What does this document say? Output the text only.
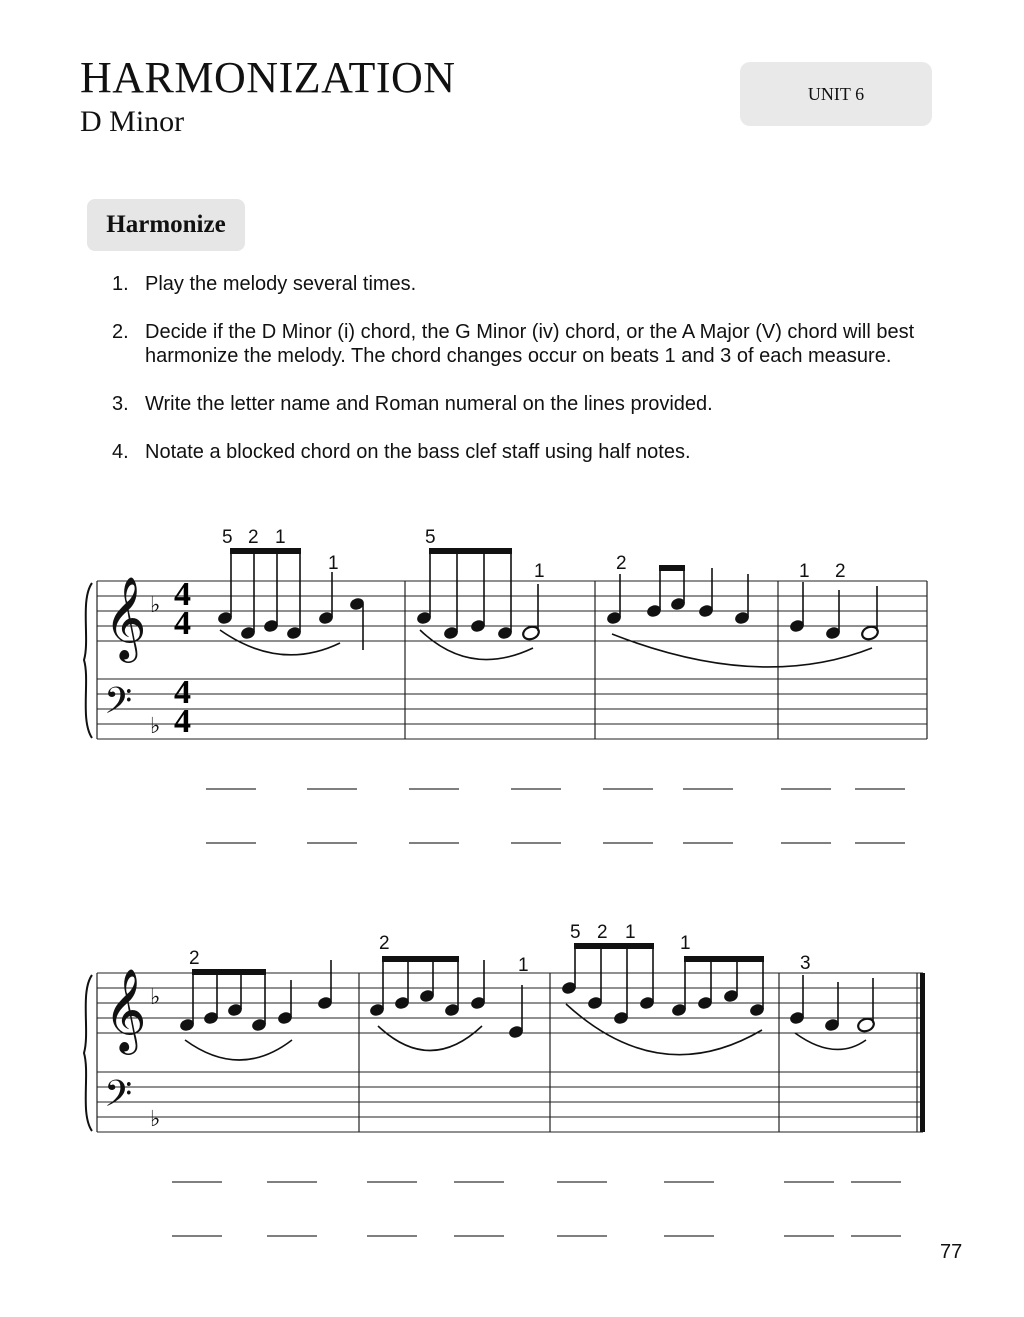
HARMONIZATION
D Minor
UNIT 6
Harmonize
1. Play the melody several times.
2. Decide if the D Minor (i) chord, the G Minor (iv) chord, or the A Major (V) chord will best harmonize the melody. The chord changes occur on beats 1 and 3 of each measure.
3. Write the letter name and Roman numeral on the lines provided.
4. Notate a blocked chord on the bass clef staff using half notes.
𝄞
𝄢
♭
♭
4
4
4
4
5 2 1
1
5
1	2	1 2
𝄞
𝄢
♭
♭
2
2
1
5 2 1
1
3
77
